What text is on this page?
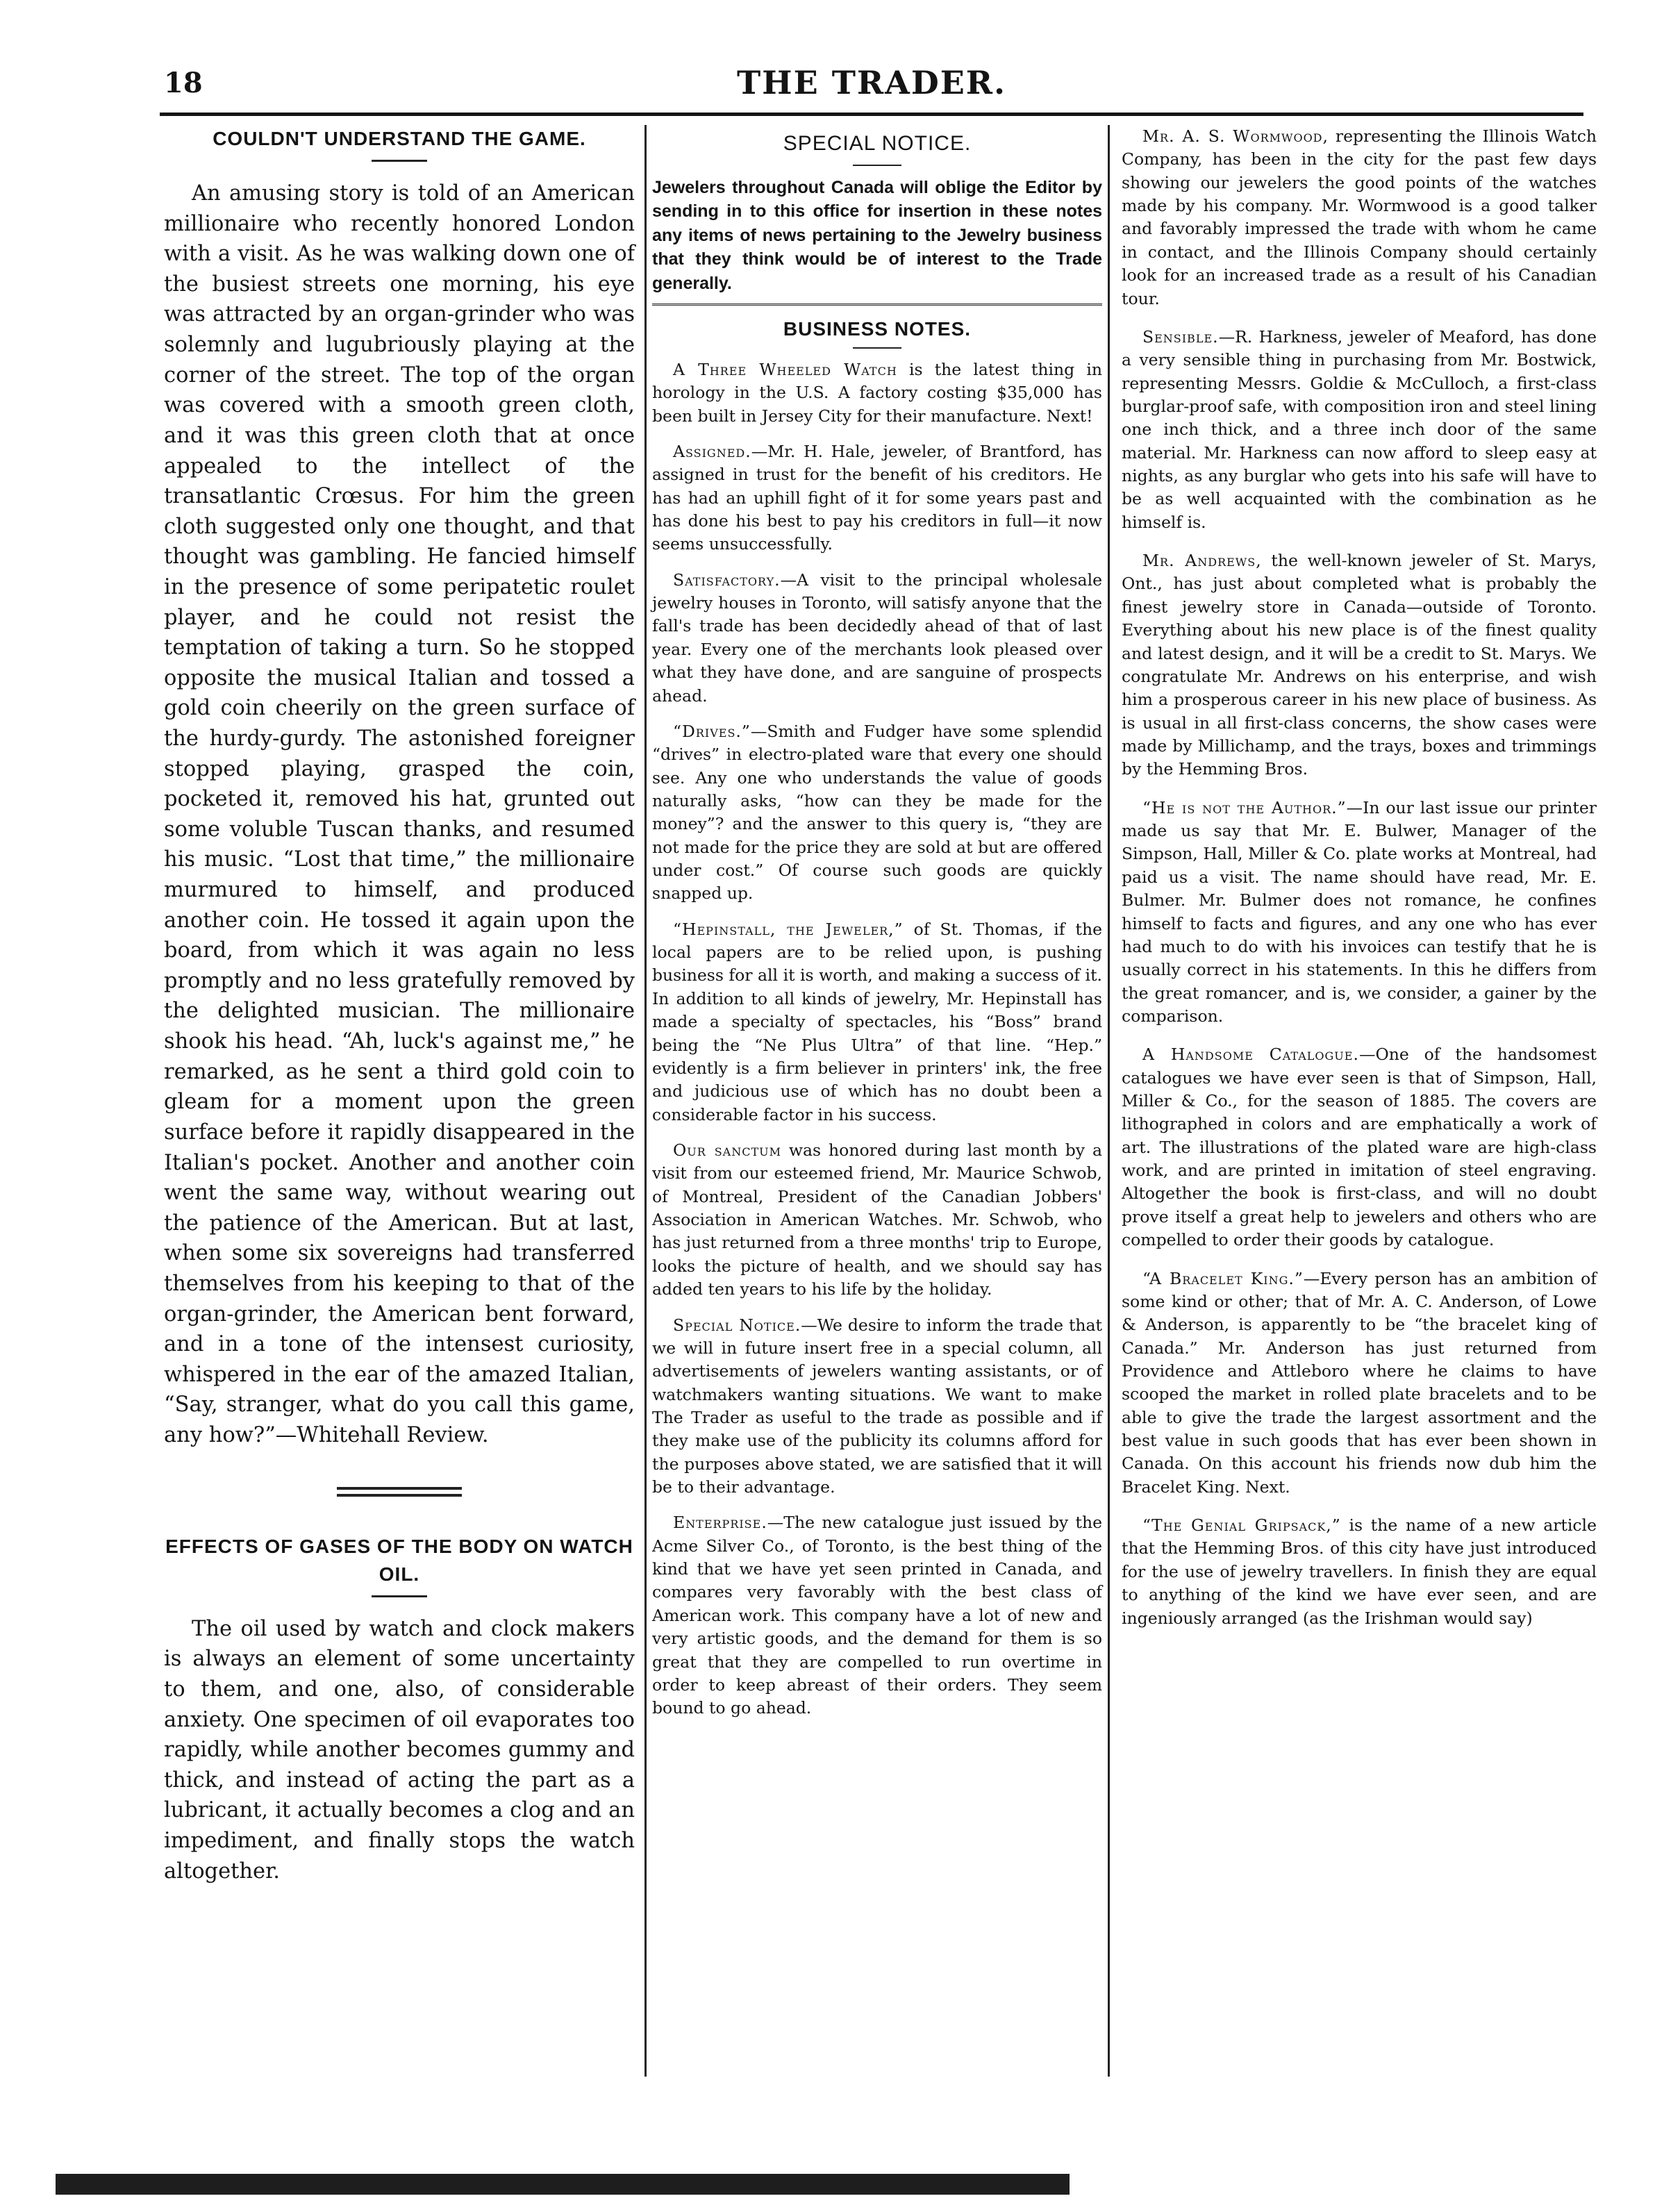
18	THE TRADER.
COULDN'T UNDERSTAND THE GAME.

An amusing story is told of an American millionaire who recently honored London with a visit. As he was walking down one of the busiest streets one morning, his eye was attracted by an organ-grinder who was solemnly and lugubriously playing at the corner of the street. The top of the organ was covered with a smooth green cloth, and it was this green cloth that at once appealed to the intellect of the transatlantic Crœsus. For him the green cloth suggested only one thought, and that thought was gambling. He fancied himself in the presence of some peripatetic roulet player, and he could not resist the temptation of taking a turn. So he stopped opposite the musical Italian and tossed a gold coin cheerily on the green surface of the hurdy-gurdy. The astonished foreigner stopped playing, grasped the coin, pocketed it, removed his hat, grunted out some voluble Tuscan thanks, and resumed his music. “Lost that time,” the millionaire murmured to himself, and produced another coin. He tossed it again upon the board, from which it was again no less promptly and no less gratefully removed by the delighted musician. The millionaire shook his head. “Ah, luck's against me,” he remarked, as he sent a third gold coin to gleam for a moment upon the green surface before it rapidly disappeared in the Italian's pocket. Another and another coin went the same way, without wearing out the patience of the American. But at last, when some six sovereigns had transferred themselves from his keeping to that of the organ-grinder, the American bent forward, and in a tone of the intensest curiosity, whispered in the ear of the amazed Italian, “Say, stranger, what do you call this game, any how?”—Whitehall Review.

EFFECTS OF GASES OF THE BODY ON WATCH OIL.

The oil used by watch and clock makers is always an element of some uncertainty to them, and one, also, of considerable anxiety. One specimen of oil evaporates too rapidly, while another becomes gummy and thick, and instead of acting the part as a lubricant, it actually becomes a clog and an impediment, and finally stops the watch altogether.

SPECIAL NOTICE.
Jewelers throughout Canada will oblige the Editor by sending in to this office for insertion in these notes any items of news pertaining to the Jewelry business that they think would be of interest to the Trade generally.
BUSINESS NOTES.

A Three Wheeled Watch is the latest thing in horology in the U.S. A factory costing $35,000 has been built in Jersey City for their manufacture. Next!

Assigned.—Mr. H. Hale, jeweler, of Brantford, has assigned in trust for the benefit of his creditors. He has had an uphill fight of it for some years past and has done his best to pay his creditors in full—it now seems unsuccessfully.

Satisfactory.—A visit to the principal wholesale jewelry houses in Toronto, will satisfy anyone that the fall's trade has been decidedly ahead of that of last year. Every one of the merchants look pleased over what they have done, and are sanguine of prospects ahead.

“Drives.”—Smith and Fudger have some splendid “drives” in electro-plated ware that every one should see. Any one who understands the value of goods naturally asks, “how can they be made for the money”? and the answer to this query is, “they are not made for the price they are sold at but are offered under cost.” Of course such goods are quickly snapped up.

“Hepinstall, the Jeweler,” of St. Thomas, if the local papers are to be relied upon, is pushing business for all it is worth, and making a success of it. In addition to all kinds of jewelry, Mr. Hepinstall has made a specialty of spectacles, his “Boss” brand being the “Ne Plus Ultra” of that line. “Hep.” evidently is a firm believer in printers' ink, the free and judicious use of which has no doubt been a considerable factor in his success.

Our sanctum was honored during last month by a visit from our esteemed friend, Mr. Maurice Schwob, of Montreal, President of the Canadian Jobbers' Association in American Watches. Mr. Schwob, who has just returned from a three months' trip to Europe, looks the picture of health, and we should say has added ten years to his life by the holiday.

Special Notice.—We desire to inform the trade that we will in future insert free in a special column, all advertisements of jewelers wanting assistants, or of watchmakers wanting situations. We want to make The Trader as useful to the trade as possible and if they make use of the publicity its columns afford for the purposes above stated, we are satisfied that it will be to their advantage.

Enterprise.—The new catalogue just issued by the Acme Silver Co., of Toronto, is the best thing of the kind that we have yet seen printed in Canada, and compares very favorably with the best class of American work. This company have a lot of new and very artistic goods, and the demand for them is so great that they are compelled to run overtime in order to keep abreast of their orders. They seem bound to go ahead.

Mr. A. S. Wormwood, representing the Illinois Watch Company, has been in the city for the past few days showing our jewelers the good points of the watches made by his company. Mr. Wormwood is a good talker and favorably impressed the trade with whom he came in contact, and the Illinois Company should certainly look for an increased trade as a result of his Canadian tour.

Sensible.—R. Harkness, jeweler of Meaford, has done a very sensible thing in purchasing from Mr. Bostwick, representing Messrs. Goldie & McCulloch, a first-class burglar-proof safe, with composition iron and steel lining one inch thick, and a three inch door of the same material. Mr. Harkness can now afford to sleep easy at nights, as any burglar who gets into his safe will have to be as well acquainted with the combination as he himself is.

Mr. Andrews, the well-known jeweler of St. Marys, Ont., has just about completed what is probably the finest jewelry store in Canada—outside of Toronto. Everything about his new place is of the finest quality and latest design, and it will be a credit to St. Marys. We congratulate Mr. Andrews on his enterprise, and wish him a prosperous career in his new place of business. As is usual in all first-class concerns, the show cases were made by Millichamp, and the trays, boxes and trimmings by the Hemming Bros.

“He is not the Author.”—In our last issue our printer made us say that Mr. E. Bulwer, Manager of the Simpson, Hall, Miller & Co. plate works at Montreal, had paid us a visit. The name should have read, Mr. E. Bulmer. Mr. Bulmer does not romance, he confines himself to facts and figures, and any one who has ever had much to do with his invoices can testify that he is usually correct in his statements. In this he differs from the great romancer, and is, we consider, a gainer by the comparison.

A Handsome Catalogue.—One of the handsomest catalogues we have ever seen is that of Simpson, Hall, Miller & Co., for the season of 1885. The covers are lithographed in colors and are emphatically a work of art. The illustrations of the plated ware are high-class work, and are printed in imitation of steel engraving. Altogether the book is first-class, and will no doubt prove itself a great help to jewelers and others who are compelled to order their goods by catalogue.

“A Bracelet King.”—Every person has an ambition of some kind or other; that of Mr. A. C. Anderson, of Lowe & Anderson, is apparently to be “the bracelet king of Canada.” Mr. Anderson has just returned from Providence and Attleboro where he claims to have scooped the market in rolled plate bracelets and to be able to give the trade the largest assortment and the best value in such goods that has ever been shown in Canada. On this account his friends now dub him the Bracelet King. Next.

“The Genial Gripsack,” is the name of a new article that the Hemming Bros. of this city have just introduced for the use of jewelry travellers. In finish they are equal to anything of the kind we have ever seen, and are ingeniously arranged (as the Irishman would say)
